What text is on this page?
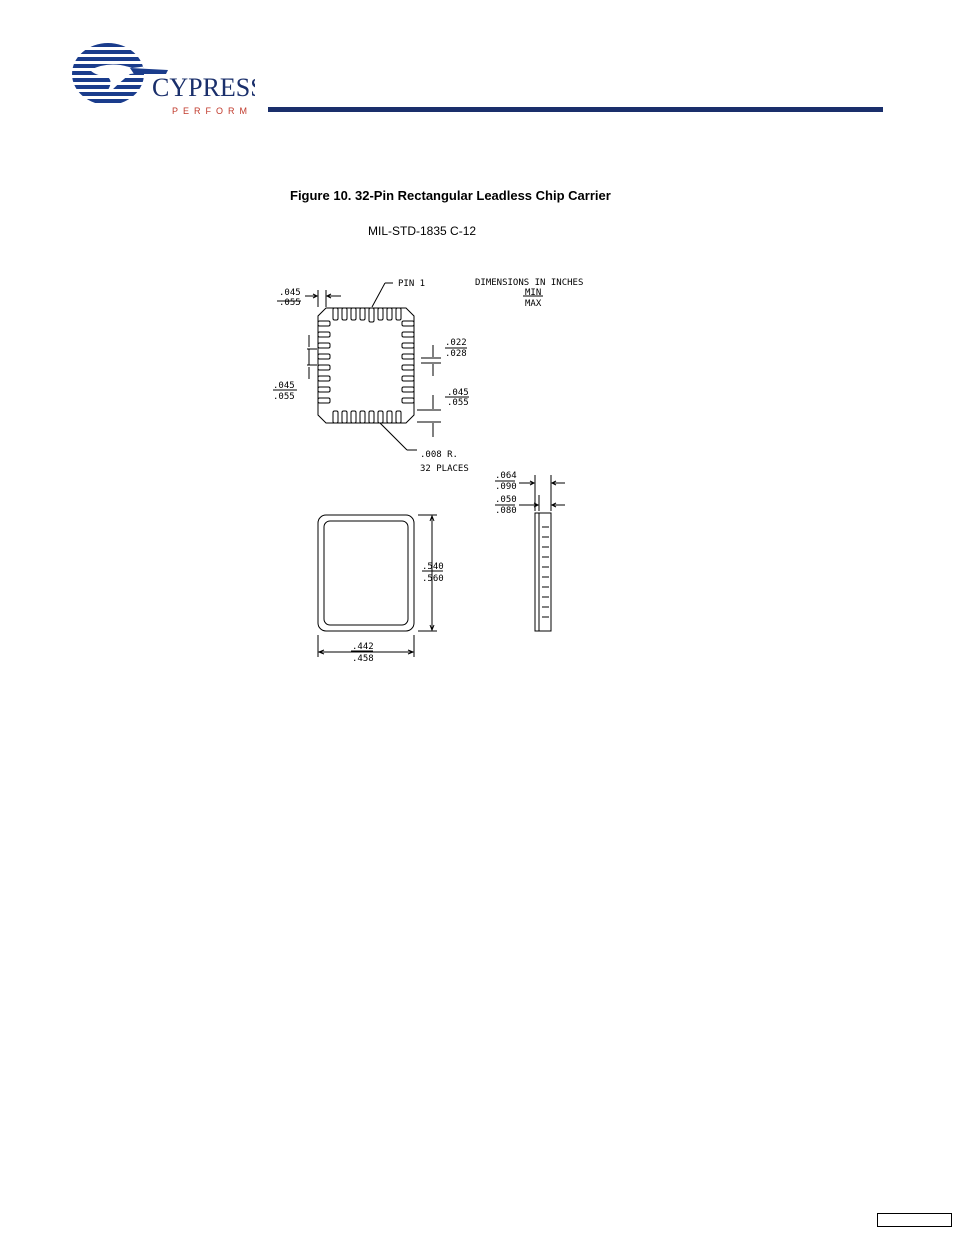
CYPRESS
PERFORM
Figure 10. 32-Pin Rectangular Leadless Chip Carrier
MIL-STD-1835 C-12
.045
.055
PIN 1	DIMENSIONS IN INCHES
MIN
MAX
.022
.028
.045
.055	.045
.055
.008 R.
32 PLACES
.064
.090
.050
.080
.540
.560
.442
.458
